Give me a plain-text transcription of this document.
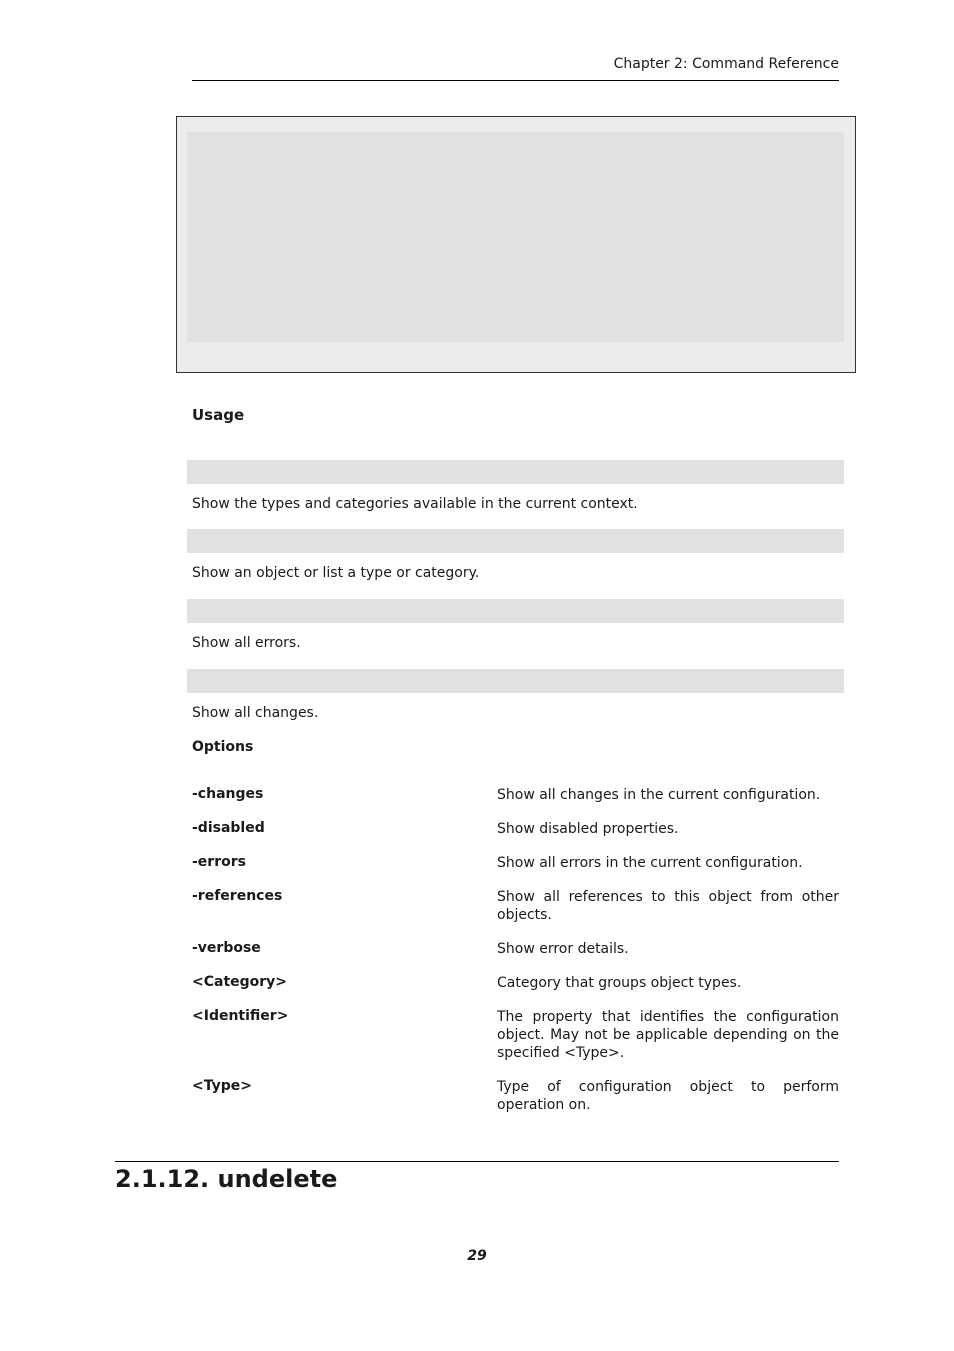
Chapter 2: Command Reference
Usage
Show the types and categories available in the current context.
Show an object or list a type or category.
Show all errors.
Show all changes.
Options
-changes	Show all changes in the current configuration.
-disabled	Show disabled properties.
-errors	Show all errors in the current configuration.
-references	Show all references to this object from other objects.
-verbose	Show error details.
<Category>	Category that groups object types.
<Identifier>	The property that identifies the configuration object. May not be applicable depending on the specified <Type>.
<Type>	Type of configuration object to perform operation on.
2.1.12. undelete
29
